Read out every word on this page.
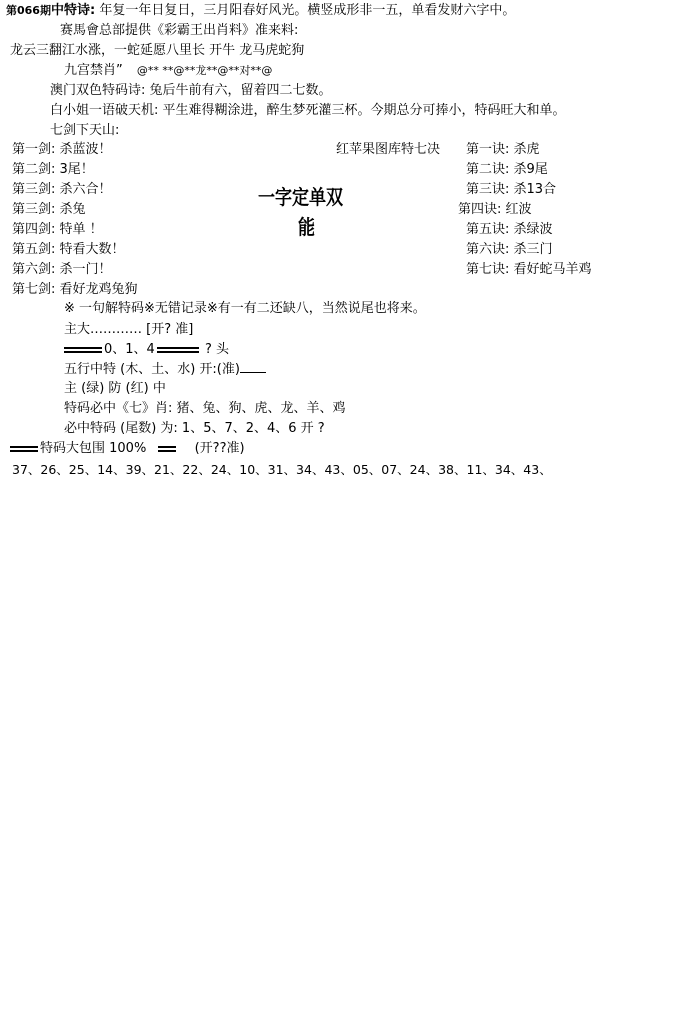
第066期中特诗: 年复一年日复日，三月阳春好风光。横竖成形非一五，单看发财六字中。
赛馬會总部提供《彩霸王出肖料》准来料:
龙云三翻江水涨，一蛇延愿八里长 开牛 龙马虎蛇狗
九宫禁肖” @** **@**龙**@**对**@
澳门双色特码诗: 兔后牛前有六，留着四二七数。
白小姐一语破天机: 平生难得糊涂进，醉生梦死灌三杯。今期总分可捧小，特码旺大和单。
七剑下天山:
第一剑: 杀蓝波！
第二剑: 3尾！
第三剑: 杀六合！
第三剑: 杀兔
第四剑: 特单 ！
第五剑: 特看大数！
第六剑: 杀一门！
第七剑: 看好龙鸡兔狗
一字定单双
能
红苹果图库特七决 第一诀: 杀虎
第二诀: 杀9尾
第三诀: 杀13合
第四诀: 红波
第五诀: 杀绿波
第六诀: 杀三门
第七诀: 看好蛇马羊鸡
※ 一句解特码※无错记录※有一有二还缺八，当然说尾也将来。
主大………… [开? 准]
0、1、4	? 头
五行中特 (木、土、水) 开:(准)
主 (绿) 防 (红) 中
特码必中《七》肖: 猪、兔、狗、虎、龙、羊、鸡
必中特码 (尾数) 为: 1、5、7、2、4、6 开 ?
特码大包围 100%	(开??准)
37、26、25、14、39、21、22、24、10、31、34、43、05、07、24、38、11、34、43、
